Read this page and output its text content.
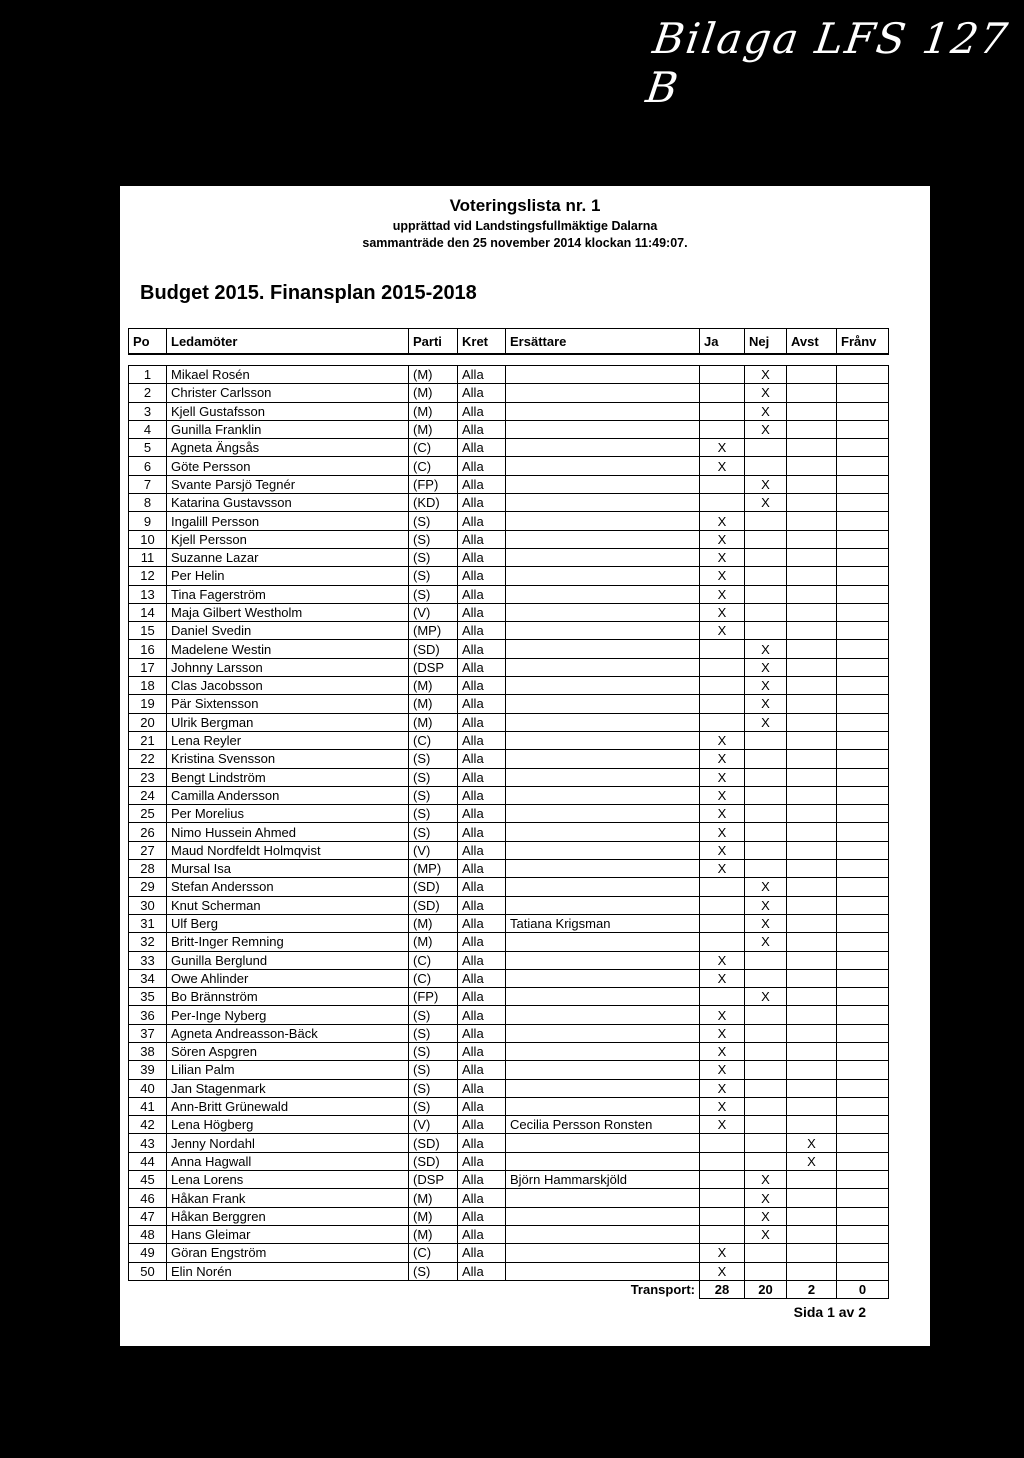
Bilaga LFS 127 B
Voteringslista nr. 1
upprättad vid Landstingsfullmäktige Dalarna
sammanträde den 25 november 2014 klockan 11:49:07.
Budget 2015. Finansplan 2015-2018
Po	Ledamöter	Parti	Kret	Ersättare	Ja	Nej	Avst	Frånv

1	Mikael Rosén	(M)	Alla			X		
2	Christer Carlsson	(M)	Alla			X		
3	Kjell Gustafsson	(M)	Alla			X		
4	Gunilla Franklin	(M)	Alla			X		
5	Agneta Ängsås	(C)	Alla		X			
6	Göte Persson	(C)	Alla		X			
7	Svante Parsjö Tegnér	(FP)	Alla			X		
8	Katarina Gustavsson	(KD)	Alla			X		
9	Ingalill Persson	(S)	Alla		X			
10	Kjell Persson	(S)	Alla		X			
11	Suzanne Lazar	(S)	Alla		X			
12	Per Helin	(S)	Alla		X			
13	Tina Fagerström	(S)	Alla		X			
14	Maja Gilbert Westholm	(V)	Alla		X			
15	Daniel Svedin	(MP)	Alla		X			
16	Madelene Westin	(SD)	Alla			X		
17	Johnny Larsson	(DSP	Alla			X		
18	Clas Jacobsson	(M)	Alla			X		
19	Pär Sixtensson	(M)	Alla			X		
20	Ulrik Bergman	(M)	Alla			X		
21	Lena Reyler	(C)	Alla		X			
22	Kristina Svensson	(S)	Alla		X			
23	Bengt Lindström	(S)	Alla		X			
24	Camilla Andersson	(S)	Alla		X			
25	Per Morelius	(S)	Alla		X			
26	Nimo Hussein Ahmed	(S)	Alla		X			
27	Maud Nordfeldt Holmqvist	(V)	Alla		X			
28	Mursal Isa	(MP)	Alla		X			
29	Stefan Andersson	(SD)	Alla			X		
30	Knut Scherman	(SD)	Alla			X		
31	Ulf Berg	(M)	Alla	Tatiana Krigsman		X		
32	Britt-Inger Remning	(M)	Alla			X		
33	Gunilla Berglund	(C)	Alla		X			
34	Owe Ahlinder	(C)	Alla		X			
35	Bo Brännström	(FP)	Alla			X		
36	Per-Inge Nyberg	(S)	Alla		X			
37	Agneta Andreasson-Bäck	(S)	Alla		X			
38	Sören Aspgren	(S)	Alla		X			
39	Lilian Palm	(S)	Alla		X			
40	Jan Stagenmark	(S)	Alla		X			
41	Ann-Britt Grünewald	(S)	Alla		X			
42	Lena Högberg	(V)	Alla	Cecilia Persson Ronsten	X			
43	Jenny Nordahl	(SD)	Alla				X	
44	Anna Hagwall	(SD)	Alla				X	
45	Lena Lorens	(DSP	Alla	Björn Hammarskjöld		X		
46	Håkan Frank	(M)	Alla			X		
47	Håkan Berggren	(M)	Alla			X		
48	Hans Gleimar	(M)	Alla			X		
49	Göran Engström	(C)	Alla		X			
50	Elin Norén	(S)	Alla		X			
Transport:					28	20	2	0
Sida 1 av 2
